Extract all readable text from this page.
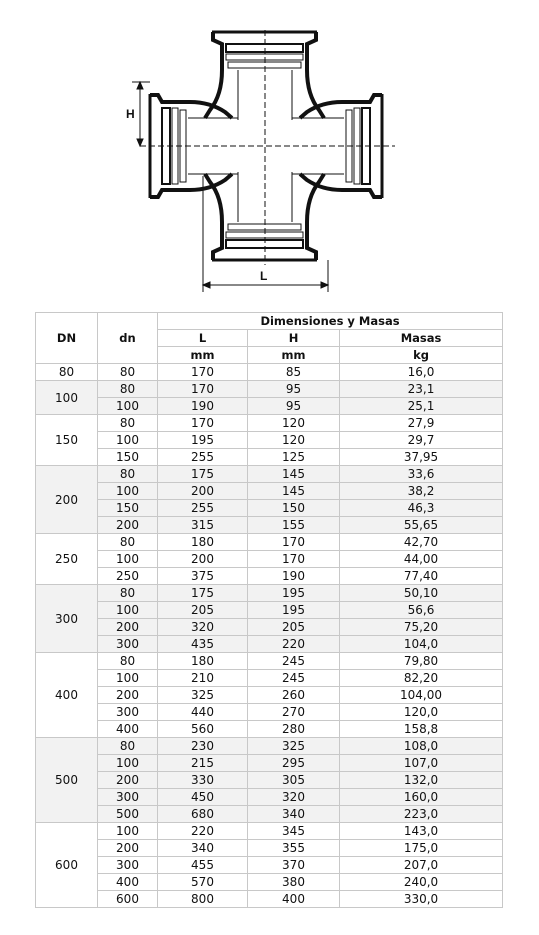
H
L
DN	dn	Dimensiones y Masas		
		L	H	Masas
		mm	mm	kg
80	80	170	85	16,0
100	80	170	95	23,1
	100	190	95	25,1
150	80	170	120	27,9
	100	195	120	29,7
	150	255	125	37,95
200	80	175	145	33,6
	100	200	145	38,2
	150	255	150	46,3
	200	315	155	55,65
250	80	180	170	42,70
	100	200	170	44,00
	250	375	190	77,40
300	80	175	195	50,10
	100	205	195	56,6
	200	320	205	75,20
	300	435	220	104,0
400	80	180	245	79,80
	100	210	245	82,20
	200	325	260	104,00
	300	440	270	120,0
	400	560	280	158,8
500	80	230	325	108,0
	100	215	295	107,0
	200	330	305	132,0
	300	450	320	160,0
	500	680	340	223,0
600	100	220	345	143,0
	200	340	355	175,0
	300	455	370	207,0
	400	570	380	240,0
	600	800	400	330,0
